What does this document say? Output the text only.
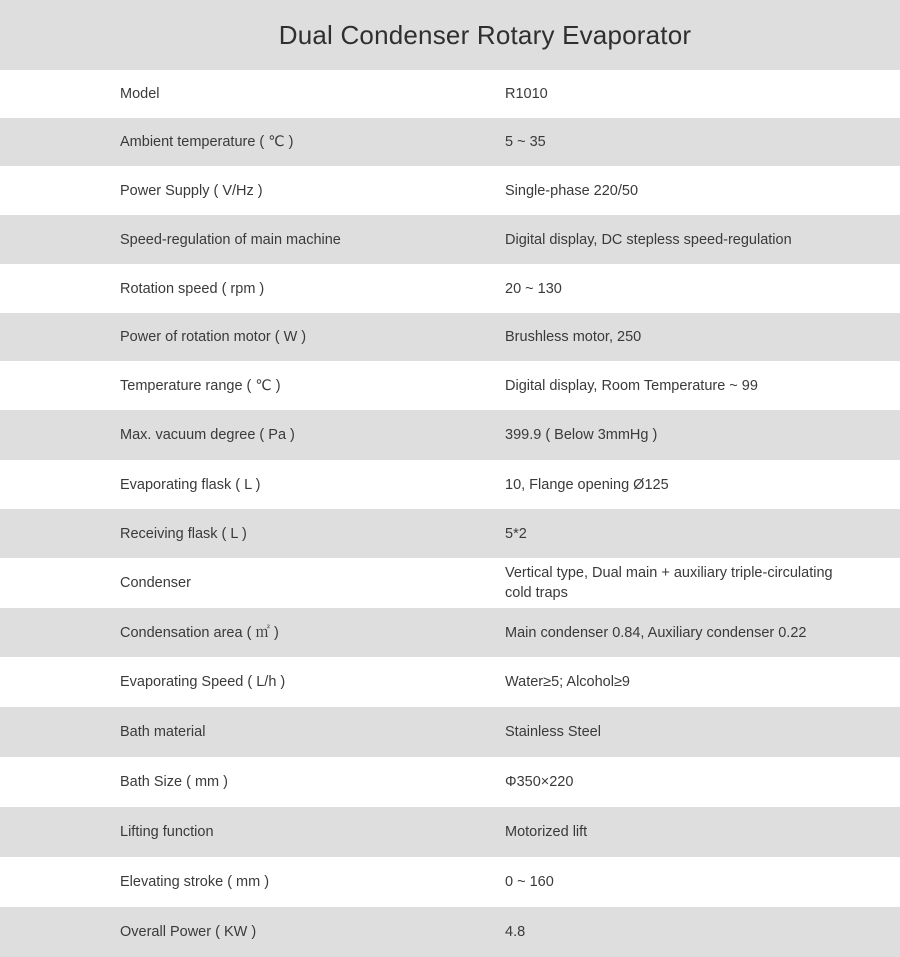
Dual Condenser Rotary Evaporator
Model	R1010
Ambient temperature ( ℃ )	5 ~ 35
Power Supply ( V/Hz )	Single-phase 220/50
Speed-regulation of main machine	Digital display, DC stepless speed-regulation
Rotation speed ( rpm )	20 ~ 130
Power of rotation motor ( W )	Brushless motor, 250
Temperature range ( ℃ )	Digital display, Room Temperature ~ 99
Max. vacuum degree ( Pa )	399.9 ( Below 3mmHg )
Evaporating flask ( L )	10, Flange opening Ø125
Receiving flask ( L )	5*2
Condenser	Vertical type, Dual main + auxiliary triple-circulating cold traps
Condensation area ( ㎡ )	Main condenser 0.84, Auxiliary condenser 0.22
Evaporating Speed ( L/h )	Water≥5; Alcohol≥9
Bath material	Stainless Steel
Bath Size ( mm )	Φ350×220
Lifting function	Motorized lift
Elevating stroke ( mm )	0 ~ 160
Overall Power ( KW )	4.8
